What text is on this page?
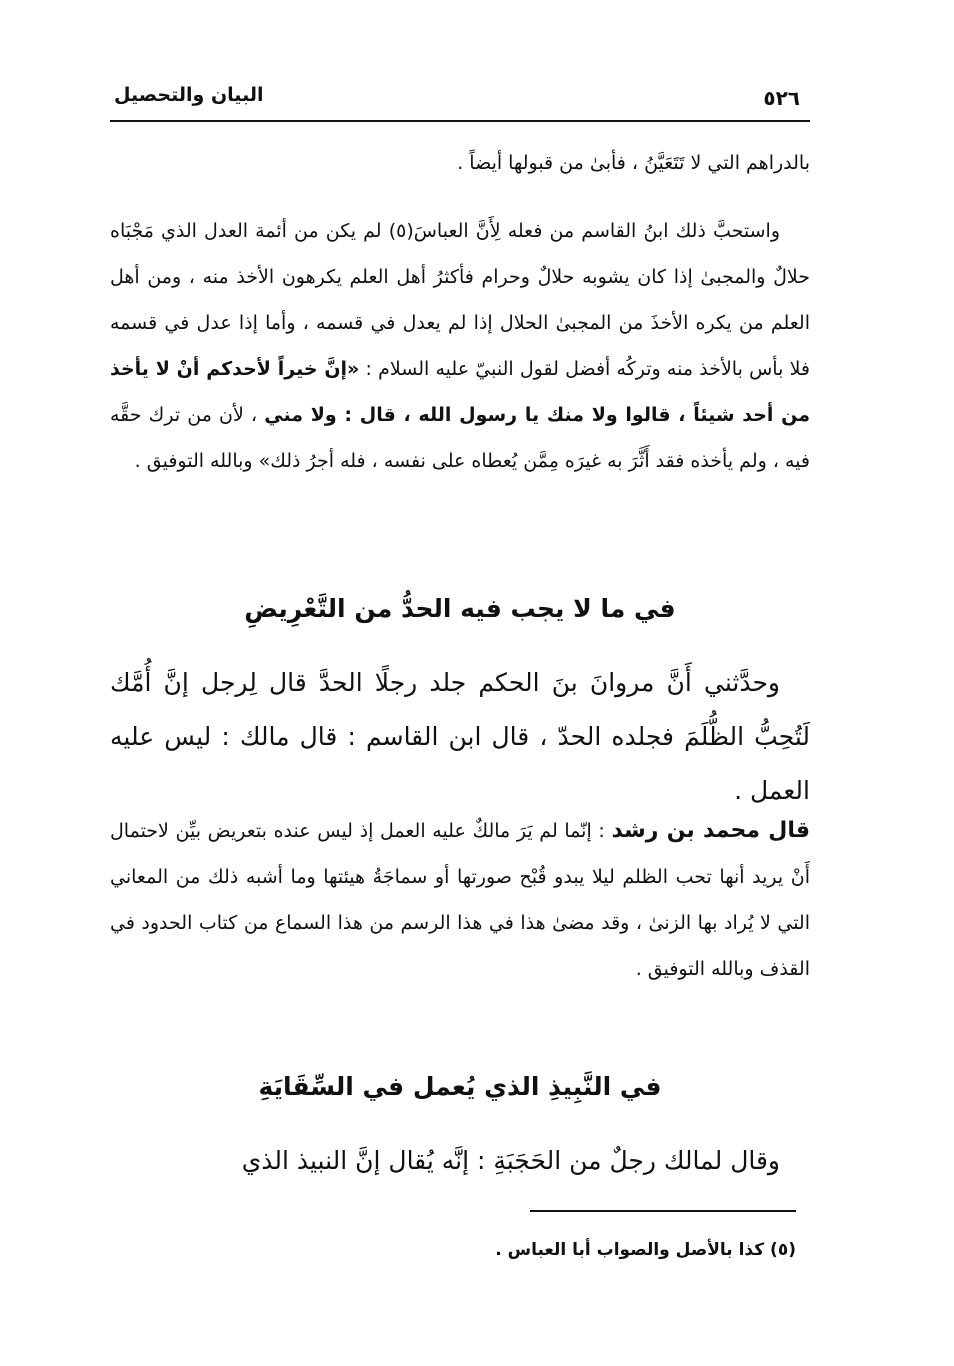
٥٢٦
البيان والتحصيل
بالدراهم التي لا تَتَعَيَّنُ ، فأبىٰ من قبولها أيضاً .
واستحبَّ ذلك ابنُ القاسم من فعله لِأَنَّ العباسَ(٥) لم يكن من أئمة العدل الذي مَجْبَاه حلالٌ والمجبىٰ إذا كان يشوبه حلالٌ وحرام فأكثرُ أهل العلم يكرهون الأخذ منه ، ومن أهل العلم من يكره الأخذَ من المجبىٰ الحلال إذا لم يعدل في قسمه ، وأما إذا عدل في قسمه فلا بأس بالأخذ منه وتركُه أفضل لقول النبيّ عليه السلام : «إنَّ خيراً لأحدكم أنْ لا يأخذ من أحد شيئاً ، قالوا ولا منك يا رسول الله ، قال : ولا مني ، لأن من ترك حقَّه فيه ، ولم يأخذه فقد أَثَّرَ به غيرَه مِمَّن يُعطاه على نفسه ، فله أجرُ ذلك» وبالله التوفيق .
في ما لا يجب فيه الحدُّ من التَّعْرِيضِ
وحدَّثني أَنَّ مروانَ بنَ الحكم جلد رجلًا الحدَّ قال لِرجل إنَّ أُمَّك لَتُحِبُّ الظُّلَمَ فجلده الحدّ ، قال ابن القاسم : قال مالك : ليس عليه العمل .
قال محمد بن رشد : إنّما لم يَرَ مالكٌ عليه العمل إذ ليس عنده بتعريض بيِّن لاحتمال أَنْ يريد أنها تحب الظلم ليلا يبدو قُبْح صورتها أو سماجَةُ هيئتها وما أشبه ذلك من المعاني التي لا يُراد بها الزنىٰ ، وقد مضىٰ هذا في هذا الرسم من هذا السماع من كتاب الحدود في القذف وبالله التوفيق .
في النَّبِيذِ الذي يُعمل في السِّقَايَةِ
وقال لمالك رجلٌ من الحَجَبَةِ : إنَّه يُقال إنَّ النبيذ الذي
(٥) كذا بالأصل والصواب أبا العباس .
